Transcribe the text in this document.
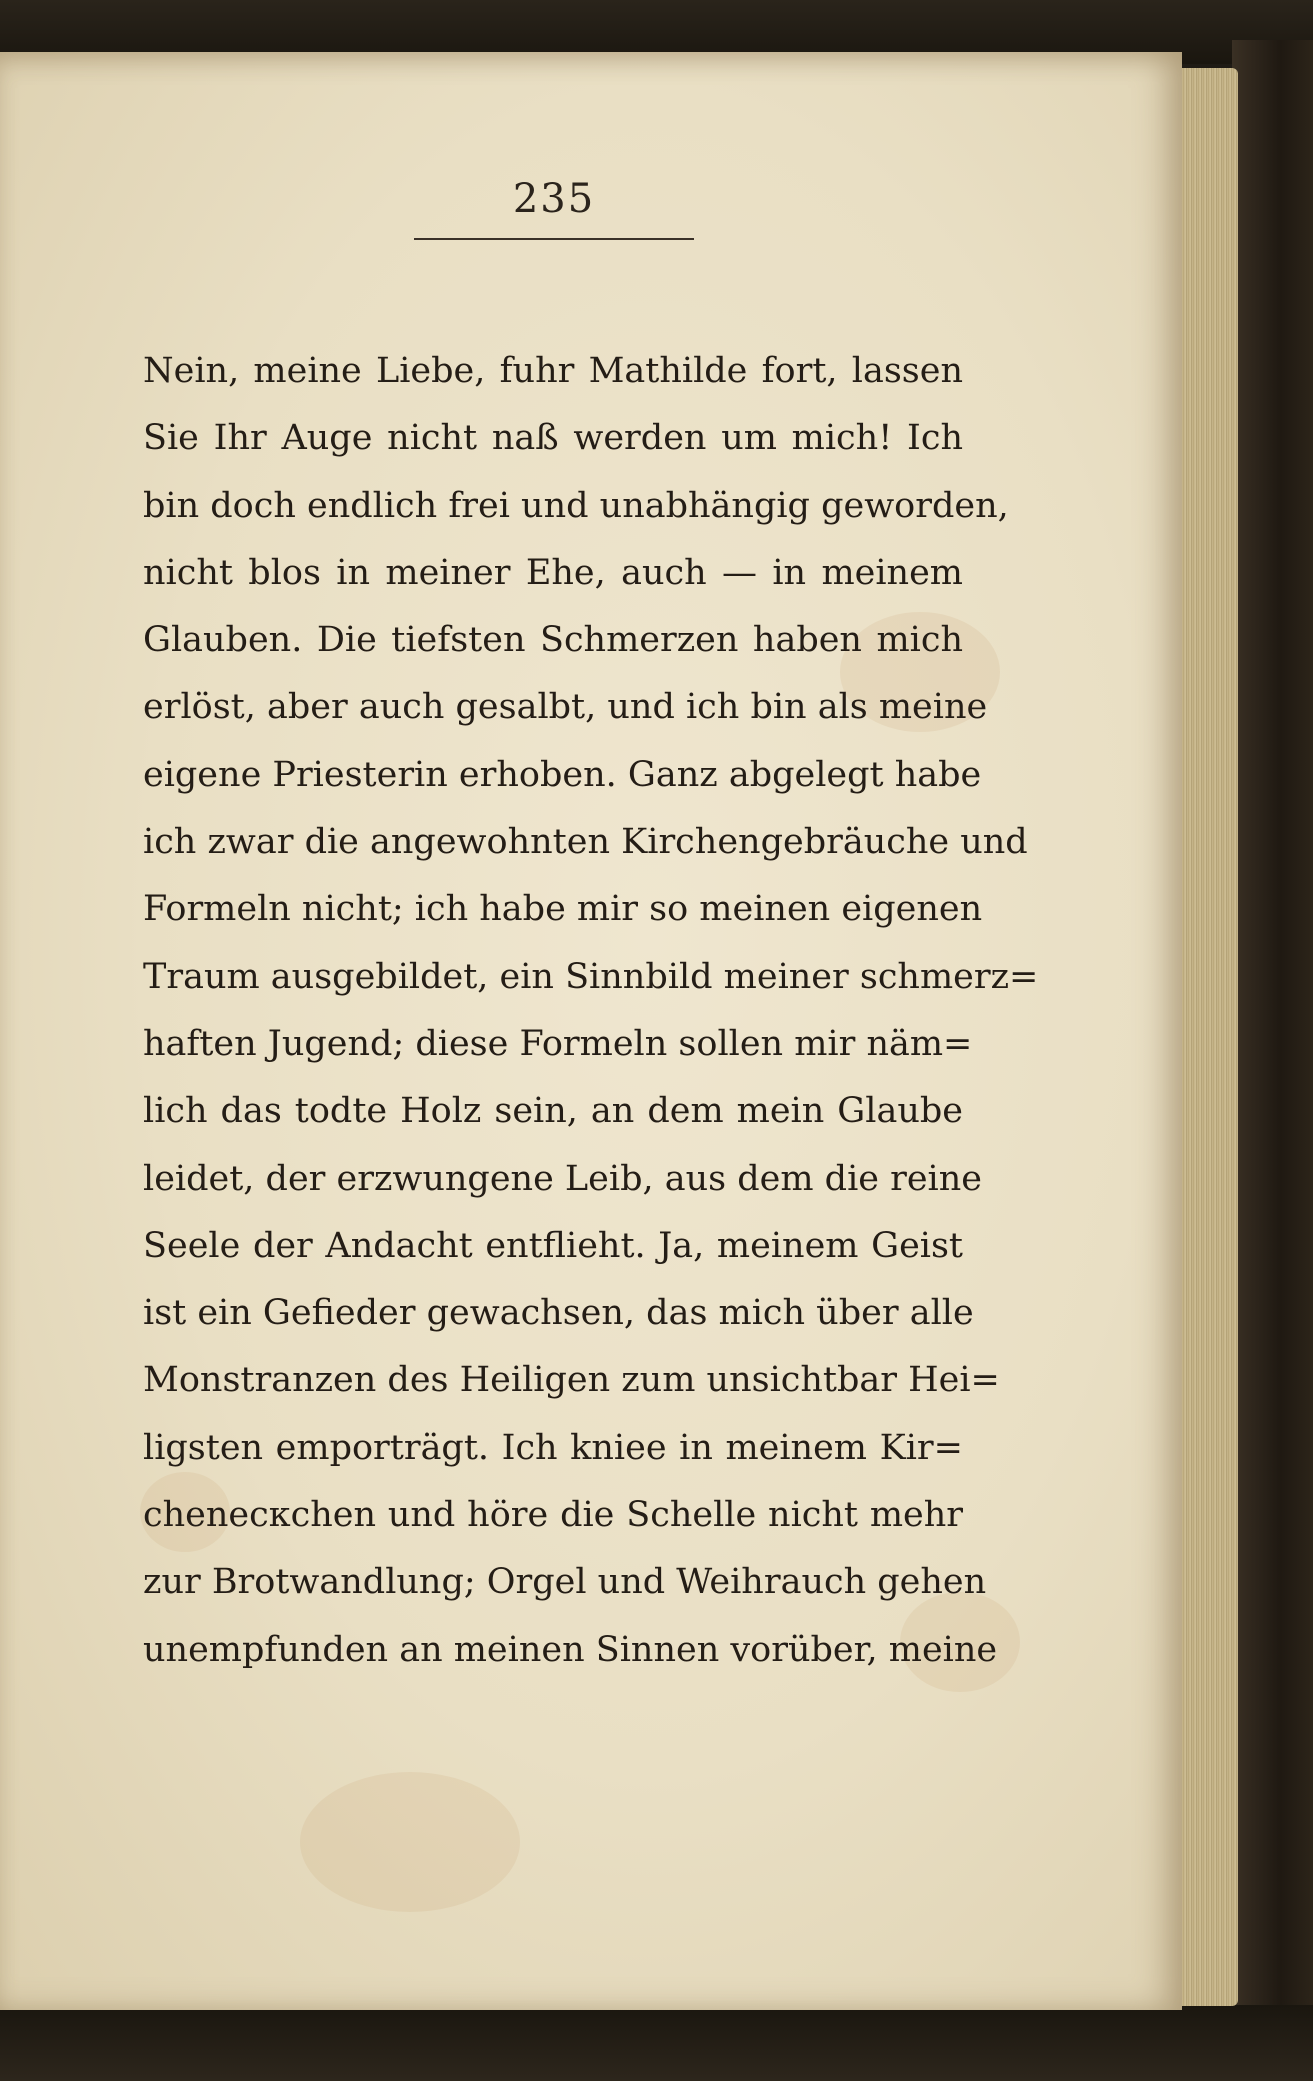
235
Nein, meine Liebe, fuhr Mathilde fort, lassen
Sie Ihr Auge nicht naß werden um mich! Ich
bin doch endlich frei und unabhängig geworden,
nicht blos in meiner Ehe, auch — in meinem
Glauben. Die tiefsten Schmerzen haben mich
erlöst, aber auch gesalbt, und ich bin als meine
eigene Priesterin erhoben. Ganz abgelegt habe
ich zwar die angewohnten Kirchengebräuche und
Formeln nicht; ich habe mir so meinen eigenen
Traum ausgebildet, ein Sinnbild meiner schmerz=
haften Jugend; diese Formeln sollen mir näm=
lich das todte Holz sein, an dem mein Glaube
leidet, der erzwungene Leib, aus dem die reine
Seele der Andacht entflieht. Ja, meinem Geist
ist ein Gefieder gewachsen, das mich über alle
Monstranzen des Heiligen zum unsichtbar Hei=
ligsten emporträgt. Ich kniee in meinem Kir=
chenecкchen und höre die Schelle nicht mehr
zur Brotwandlung; Orgel und Weihrauch gehen
unempfunden an meinen Sinnen vorüber, meine
